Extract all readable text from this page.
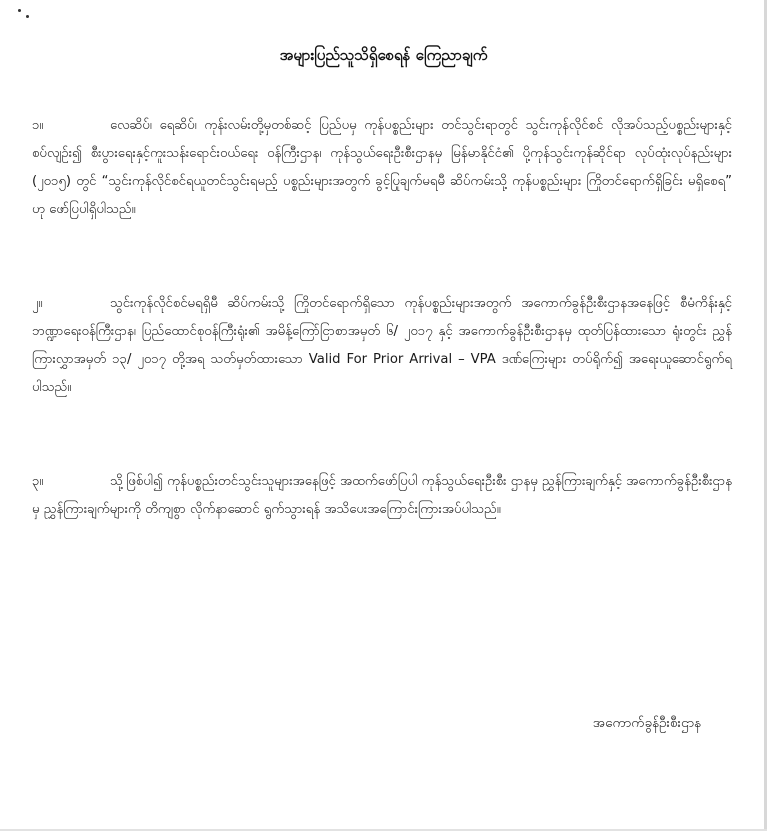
အများပြည်သူသိရှိစေရန် ကြေညာချက်

၁။	လေဆိပ်၊ ရေဆိပ်၊ ကုန်းလမ်းတို့မှတစ်ဆင့် ပြည်ပမှ ကုန်ပစ္စည်းများ တင်သွင်းရာတွင် သွင်းကုန်လိုင်စင် လိုအပ်သည့်ပစ္စည်းများနှင့် စပ်လျဉ်း၍ စီးပွားရေးနှင့်ကူးသန်းရောင်းဝယ်ရေး ဝန်ကြီးဌာန၊ ကုန်သွယ်ရေးဦးစီးဌာနမှ မြန်မာနိုင်ငံ၏ ပို့ကုန်သွင်းကုန်ဆိုင်ရာ လုပ်ထုံးလုပ်နည်းများ (၂၀၁၅) တွင် “သွင်းကုန်လိုင်စင်ရယူတင်သွင်းရမည့် ပစ္စည်းများအတွက် ခွင့်ပြုချက်မရမီ ဆိပ်ကမ်းသို့ ကုန်ပစ္စည်းများ ကြိုတင်ရောက်ရှိခြင်း မရှိစေရ” ဟု ဖော်ပြပါရှိပါသည်။

၂။	သွင်းကုန်လိုင်စင်မရရှိမီ ဆိပ်ကမ်းသို့ ကြိုတင်ရောက်ရှိသော ကုန်ပစ္စည်းများအတွက် အကောက်ခွန်ဦးစီးဌာနအနေဖြင့် စီမံကိန်းနှင့်ဘဏ္ဍာရေးဝန်ကြီးဌာန၊ ပြည်ထောင်စုဝန်ကြီးရုံး၏ အမိန့်ကြော်ငြာစာအမှတ် ၆/ ၂၀၁၇ နှင့် အကောက်ခွန်ဦးစီးဌာနမှ ထုတ်ပြန်ထားသော ရုံးတွင်း ညွှန်ကြားလွှာအမှတ် ၁၃/ ၂၀၁၇ တို့အရ သတ်မှတ်ထားသော Valid For Prior Arrival – VPA ဒဏ်ကြေးများ တပ်ရိုက်၍ အရေးယူဆောင်ရွက်ရပါသည်။

၃။	သို့ဖြစ်ပါ၍ ကုန်ပစ္စည်းတင်သွင်းသူများအနေဖြင့် အထက်ဖော်ပြပါ ကုန်သွယ်ရေးဦးစီး ဌာနမှ ညွှန်ကြားချက်နှင့် အကောက်ခွန်ဦးစီးဌာနမှ ညွှန်ကြားချက်များကို တိကျစွာ လိုက်နာဆောင် ရွက်သွားရန် အသိပေးအကြောင်းကြားအပ်ပါသည်။

အကောက်ခွန်ဦးစီးဌာန
